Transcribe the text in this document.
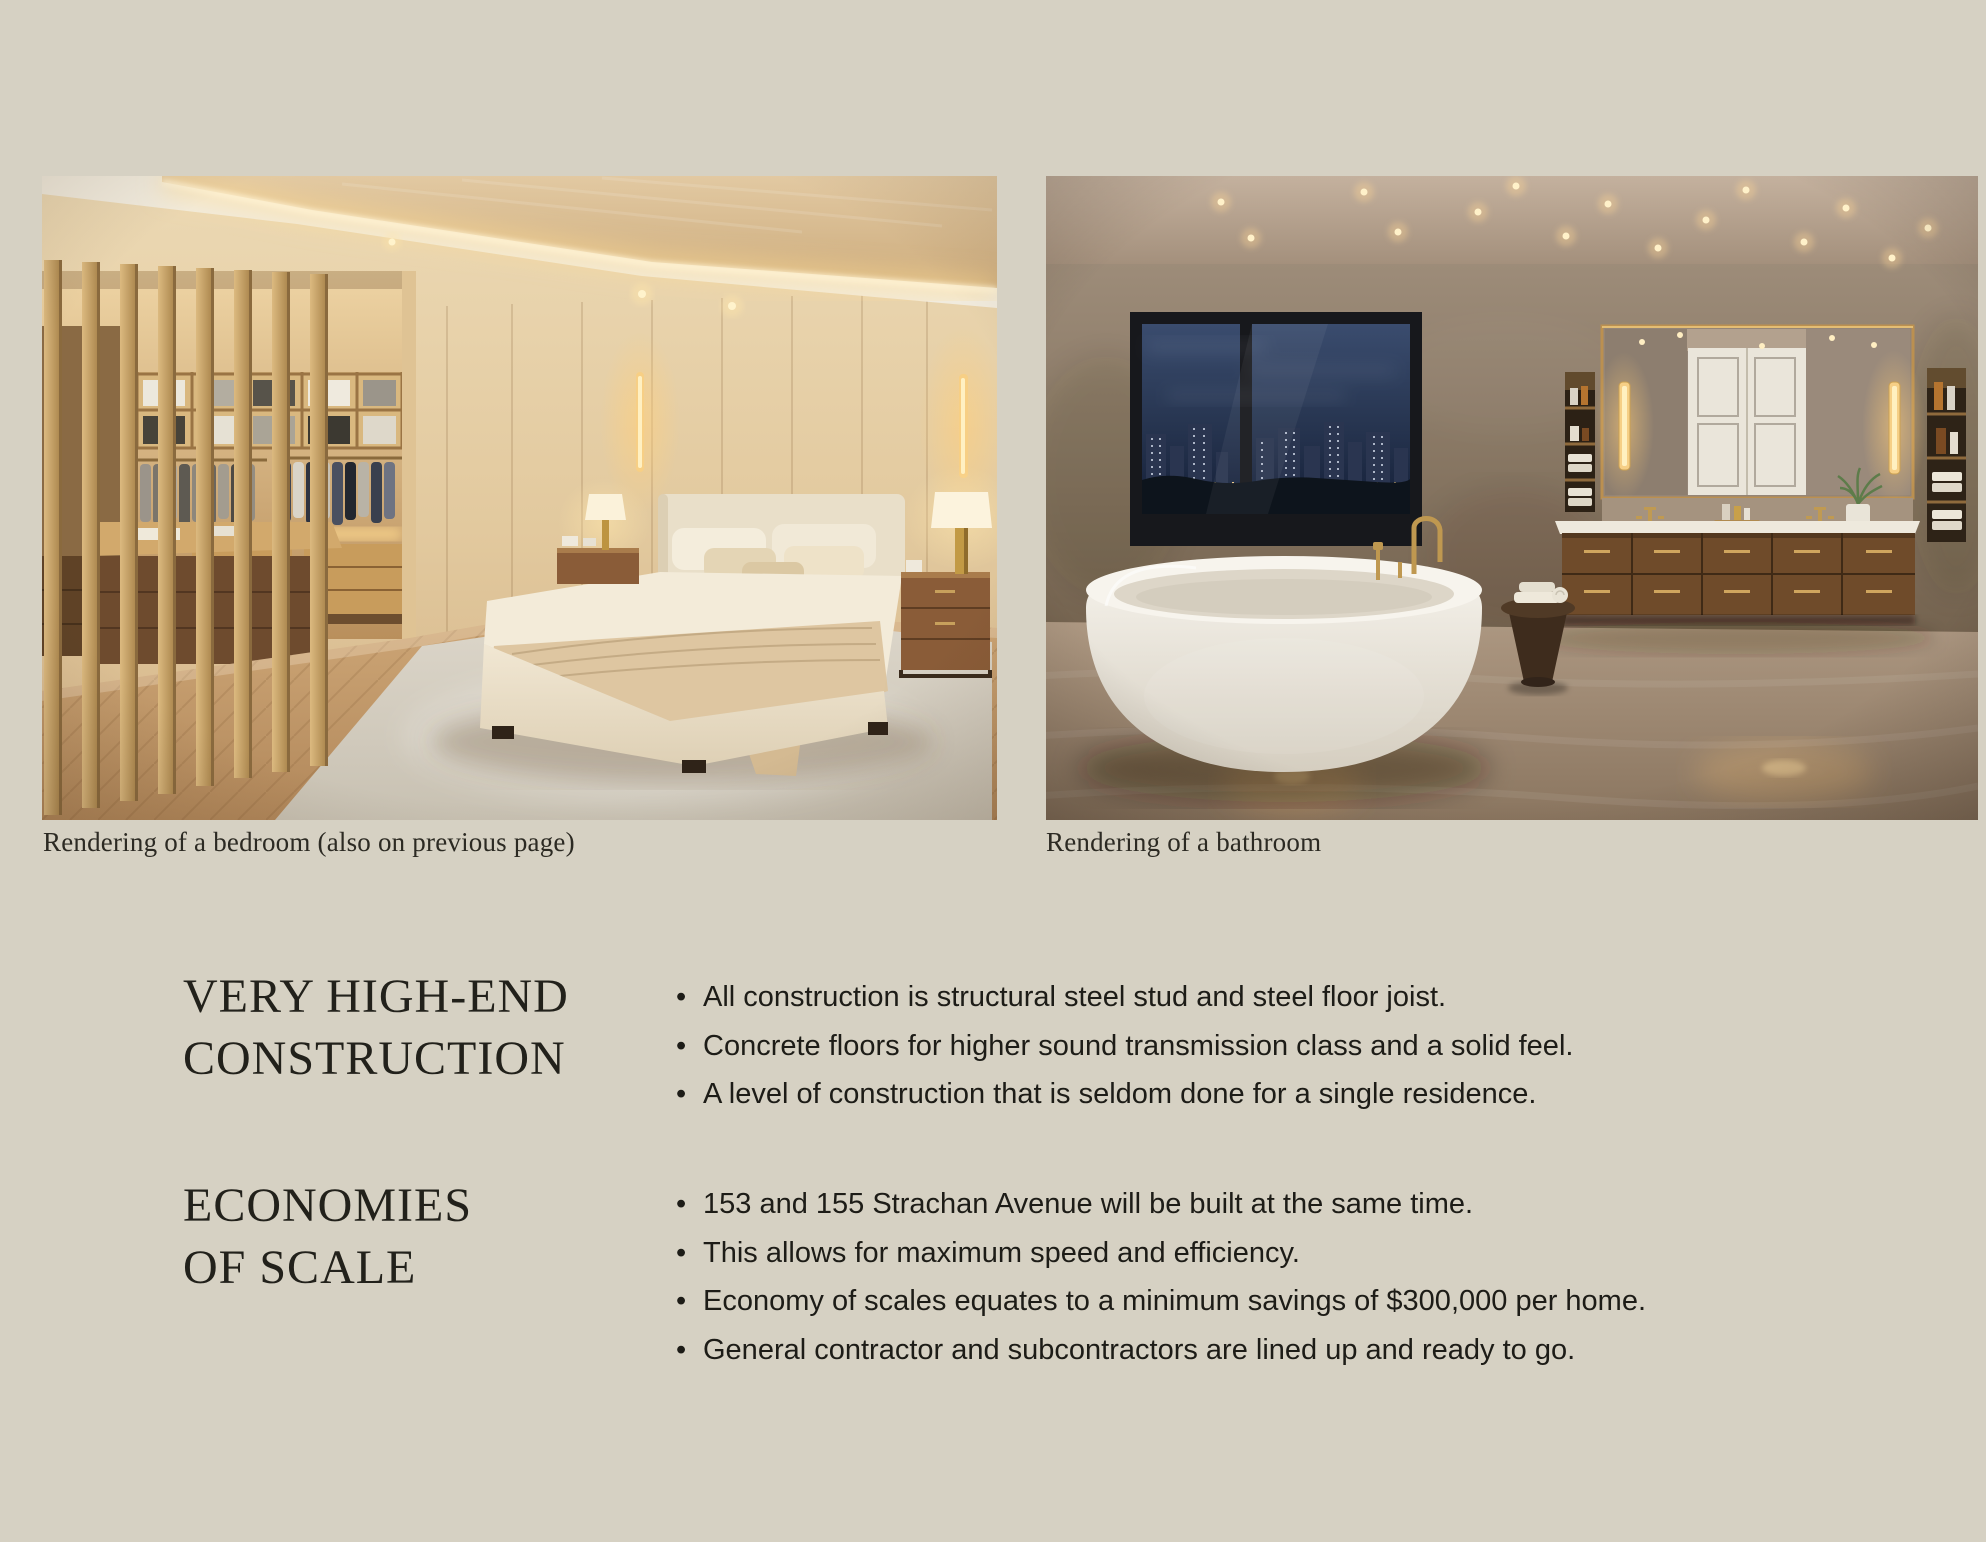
Rendering of a bedroom (also on previous page)	Rendering of a bathroom
VERY HIGH-END
CONSTRUCTION
• All construction is structural steel stud and steel floor joist.
• Concrete floors for higher sound transmission class and a solid feel.
• A level of construction that is seldom done for a single residence.
ECONOMIES
OF SCALE
• 153 and 155 Strachan Avenue will be built at the same time.
• This allows for maximum speed and efficiency.
• Economy of scales equates to a minimum savings of $300,000 per home.
• General contractor and subcontractors are lined up and ready to go.
